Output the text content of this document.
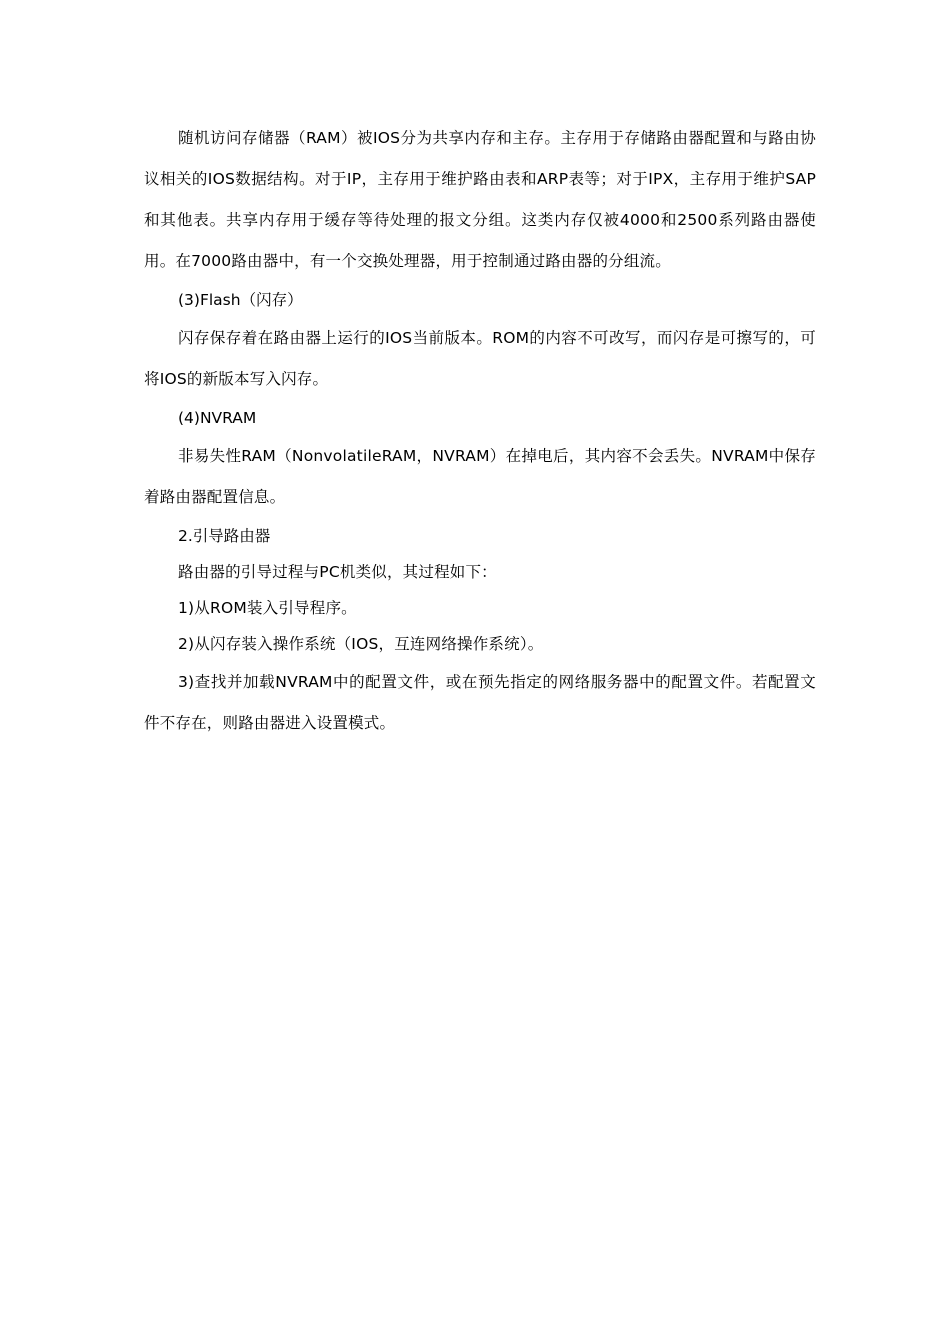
随机访问存储器（RAM）被IOS分为共享内存和主存。主存用于存储路由器配置和与路由协议相关的IOS数据结构。对于IP，主存用于维护路由表和ARP表等；对于IPX，主存用于维护SAP和其他表。共享内存用于缓存等待处理的报文分组。这类内存仅被4000和2500系列路由器使用。在7000路由器中，有一个交换处理器，用于控制通过路由器的分组流。

(3)Flash（闪存）

闪存保存着在路由器上运行的IOS当前版本。ROM的内容不可改写，而闪存是可擦写的，可将IOS的新版本写入闪存。

(4)NVRAM

非易失性RAM（NonvolatileRAM，NVRAM）在掉电后，其内容不会丢失。NVRAM中保存着路由器配置信息。

2.引导路由器

路由器的引导过程与PC机类似，其过程如下：

1)从ROM装入引导程序。

2)从闪存装入操作系统（IOS，互连网络操作系统）。

3)查找并加载NVRAM中的配置文件，或在预先指定的网络服务器中的配置文件。若配置文件不存在，则路由器进入设置模式。
